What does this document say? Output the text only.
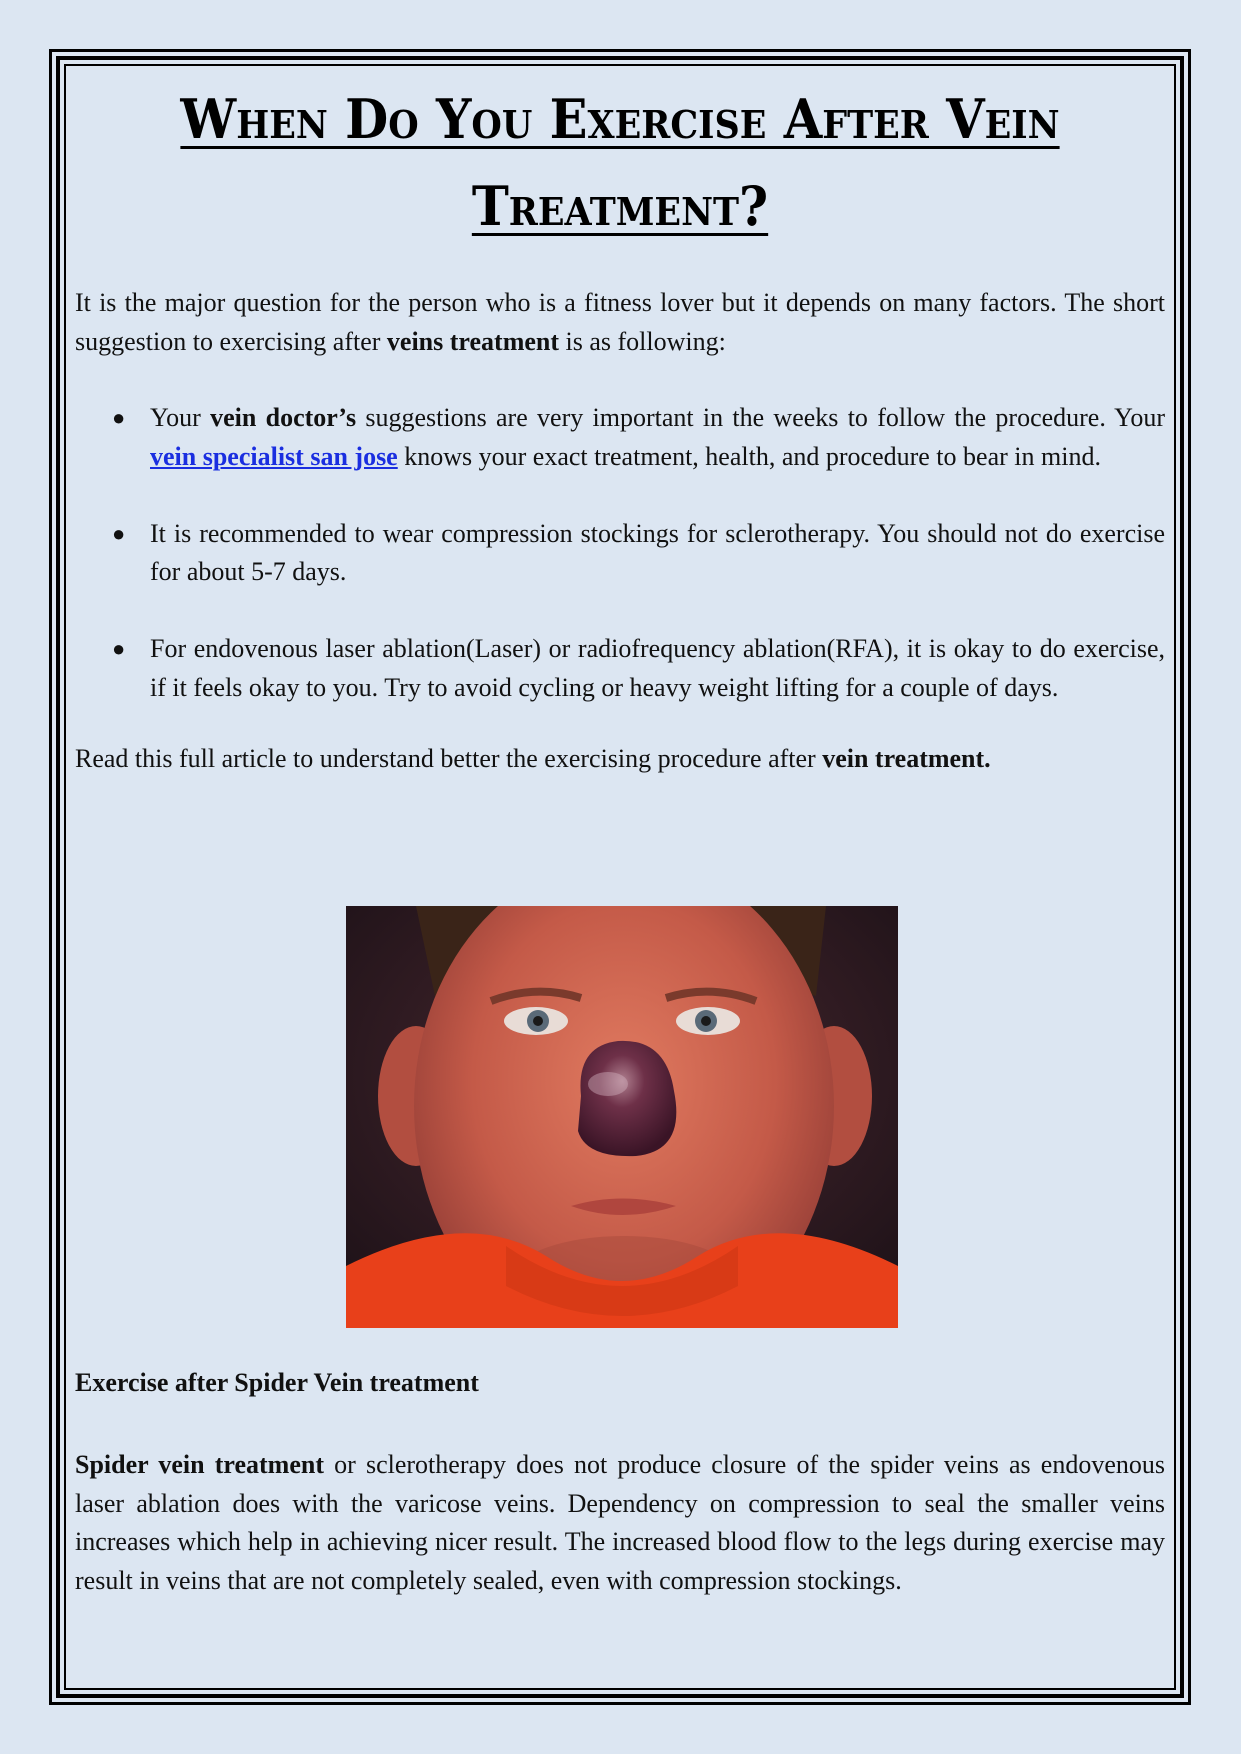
When Do You Exercise After Vein Treatment?

It is the major question for the person who is a fitness lover but it depends on many factors. The short suggestion to exercising after veins treatment is as following:

● Your vein doctor’s suggestions are very important in the weeks to follow the procedure. Your vein specialist san jose knows your exact treatment, health, and procedure to bear in mind.
● It is recommended to wear compression stockings for sclerotherapy. You should not do exercise for about 5-7 days.
● For endovenous laser ablation(Laser) or radiofrequency ablation(RFA), it is okay to do exercise, if it feels okay to you. Try to avoid cycling or heavy weight lifting for a couple of days.

Read this full article to understand better the exercising procedure after vein treatment.

Exercise after Spider Vein treatment

Spider vein treatment or sclerotherapy does not produce closure of the spider veins as endovenous laser ablation does with the varicose veins. Dependency on compression to seal the smaller veins increases which help in achieving nicer result. The increased blood flow to the legs during exercise may result in veins that are not completely sealed, even with compression stockings.
